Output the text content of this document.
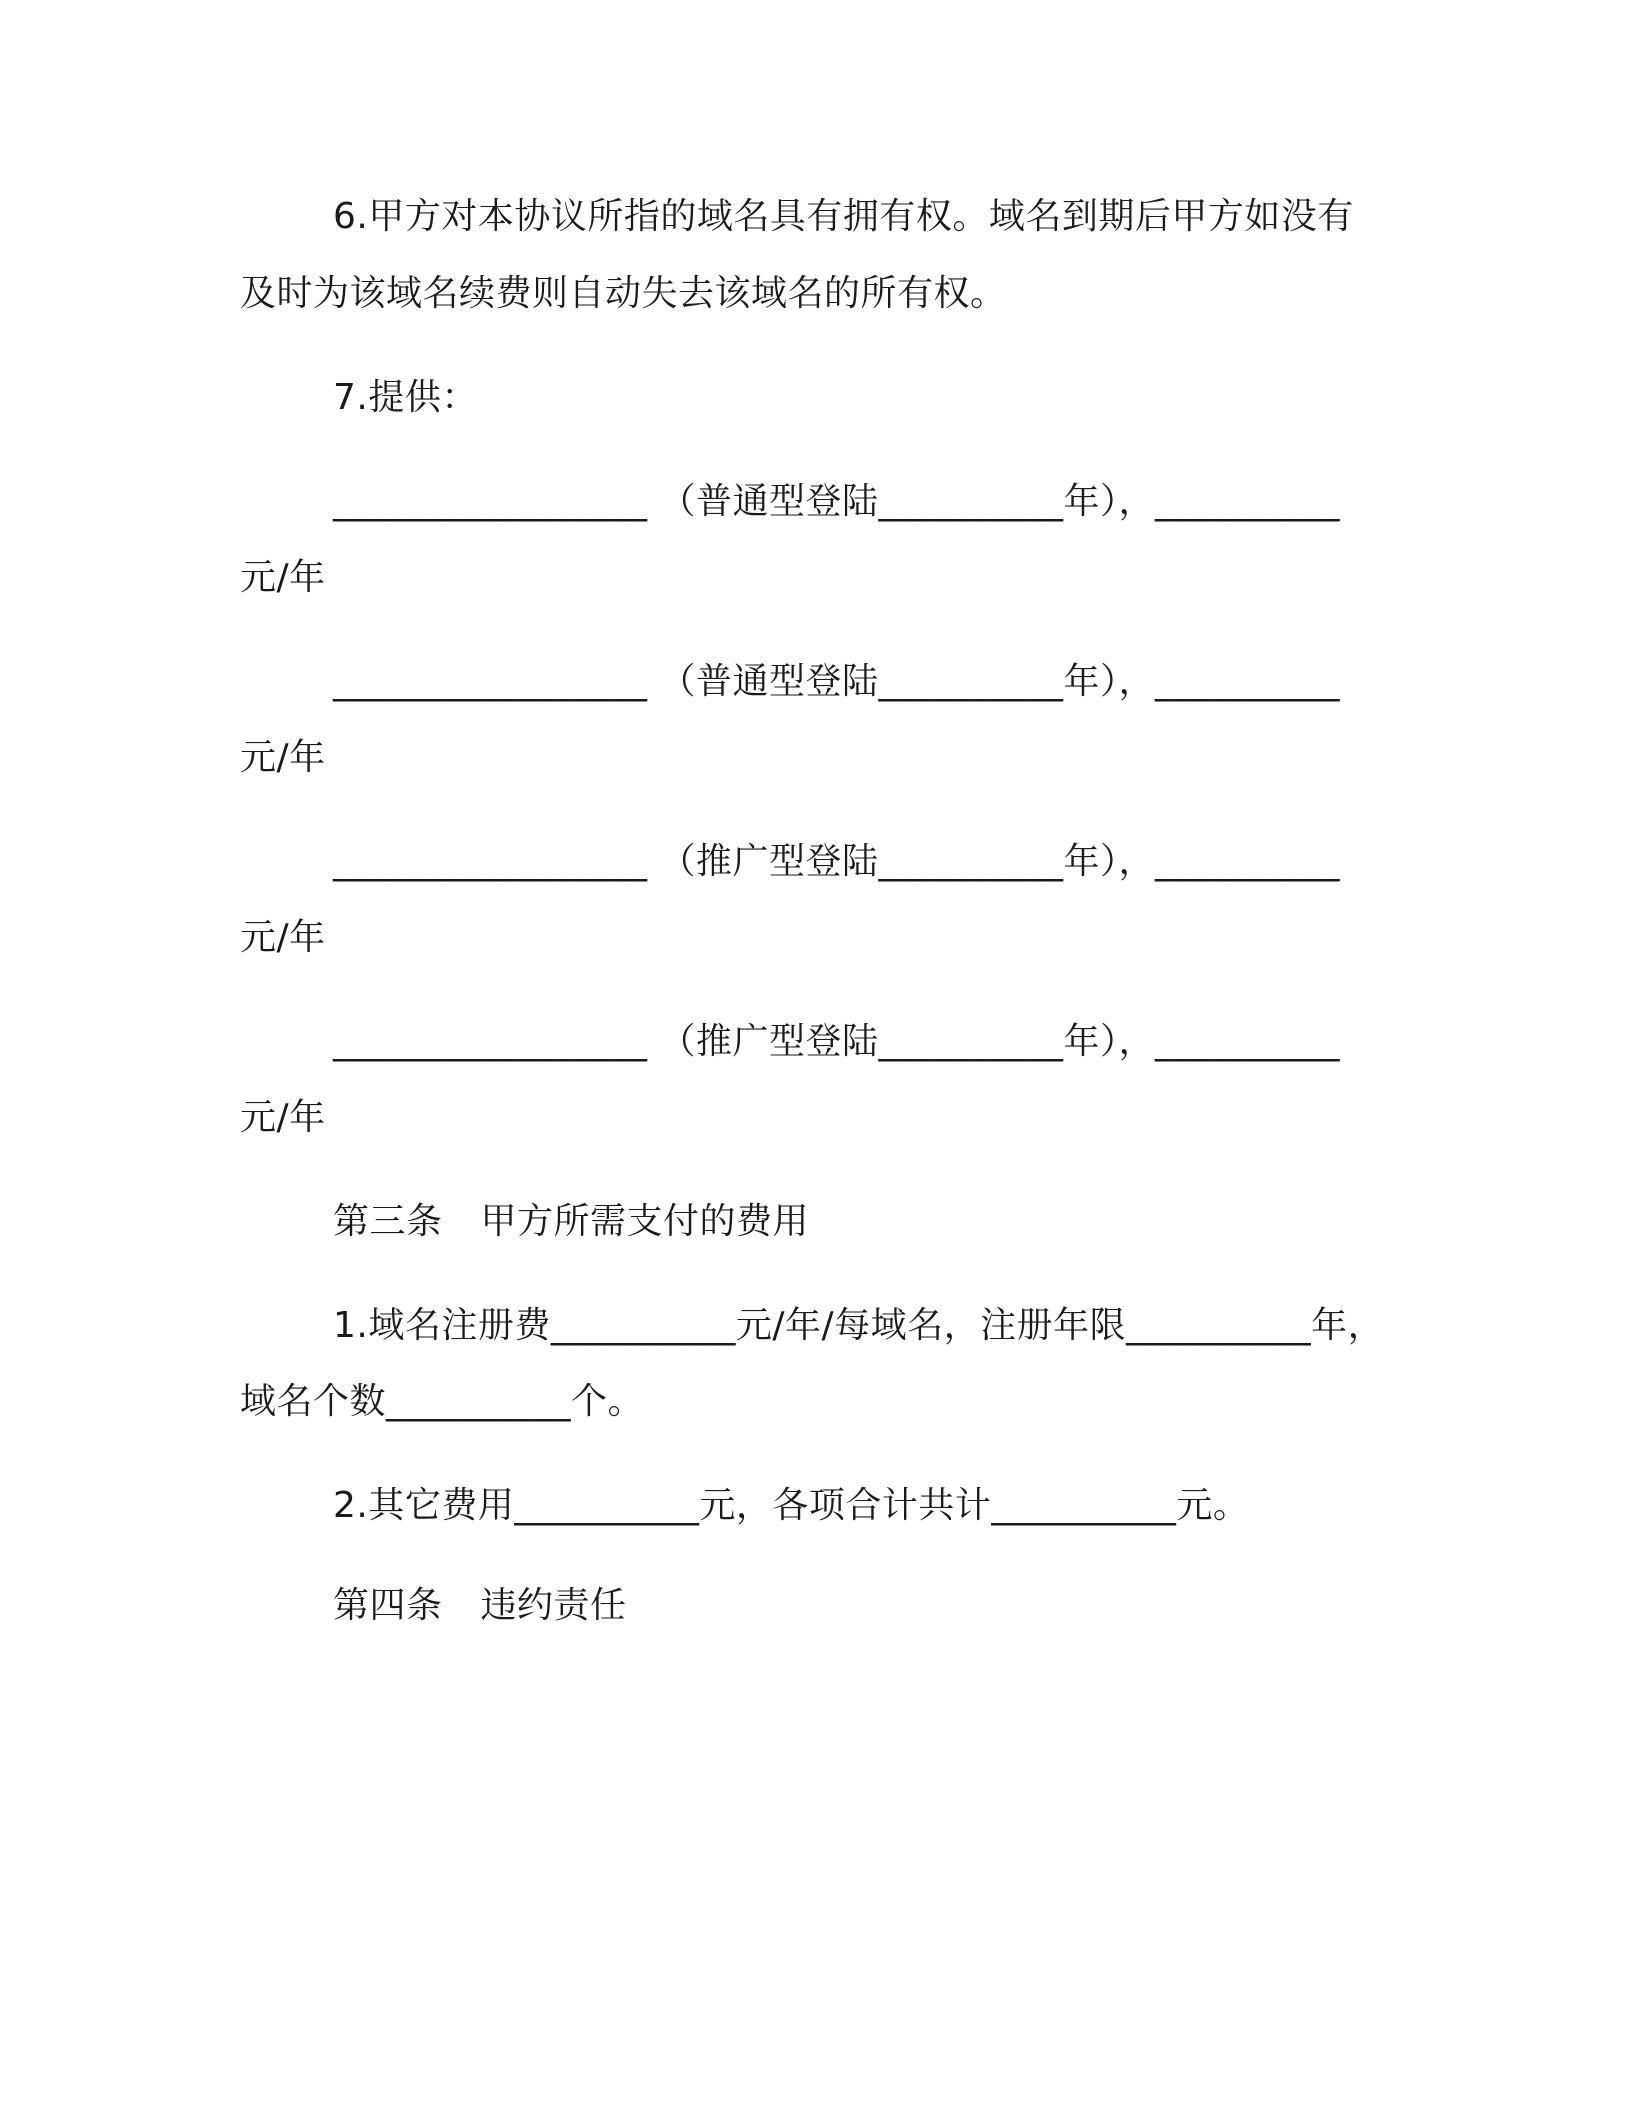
6.甲方对本协议所指的域名具有拥有权。域名到期后甲方如没有
及时为该域名续费则自动失去该域名的所有权。
7.提供：
_________________ （普通型登陆__________年），__________
元/年
_________________ （普通型登陆__________年），__________
元/年
_________________ （推广型登陆__________年），__________
元/年
_________________ （推广型登陆__________年），__________
元/年
第三条 甲方所需支付的费用
1.域名注册费__________元/年/每域名，注册年限__________年，
域名个数__________个。
2.其它费用__________元，各项合计共计__________元。
第四条 违约责任
